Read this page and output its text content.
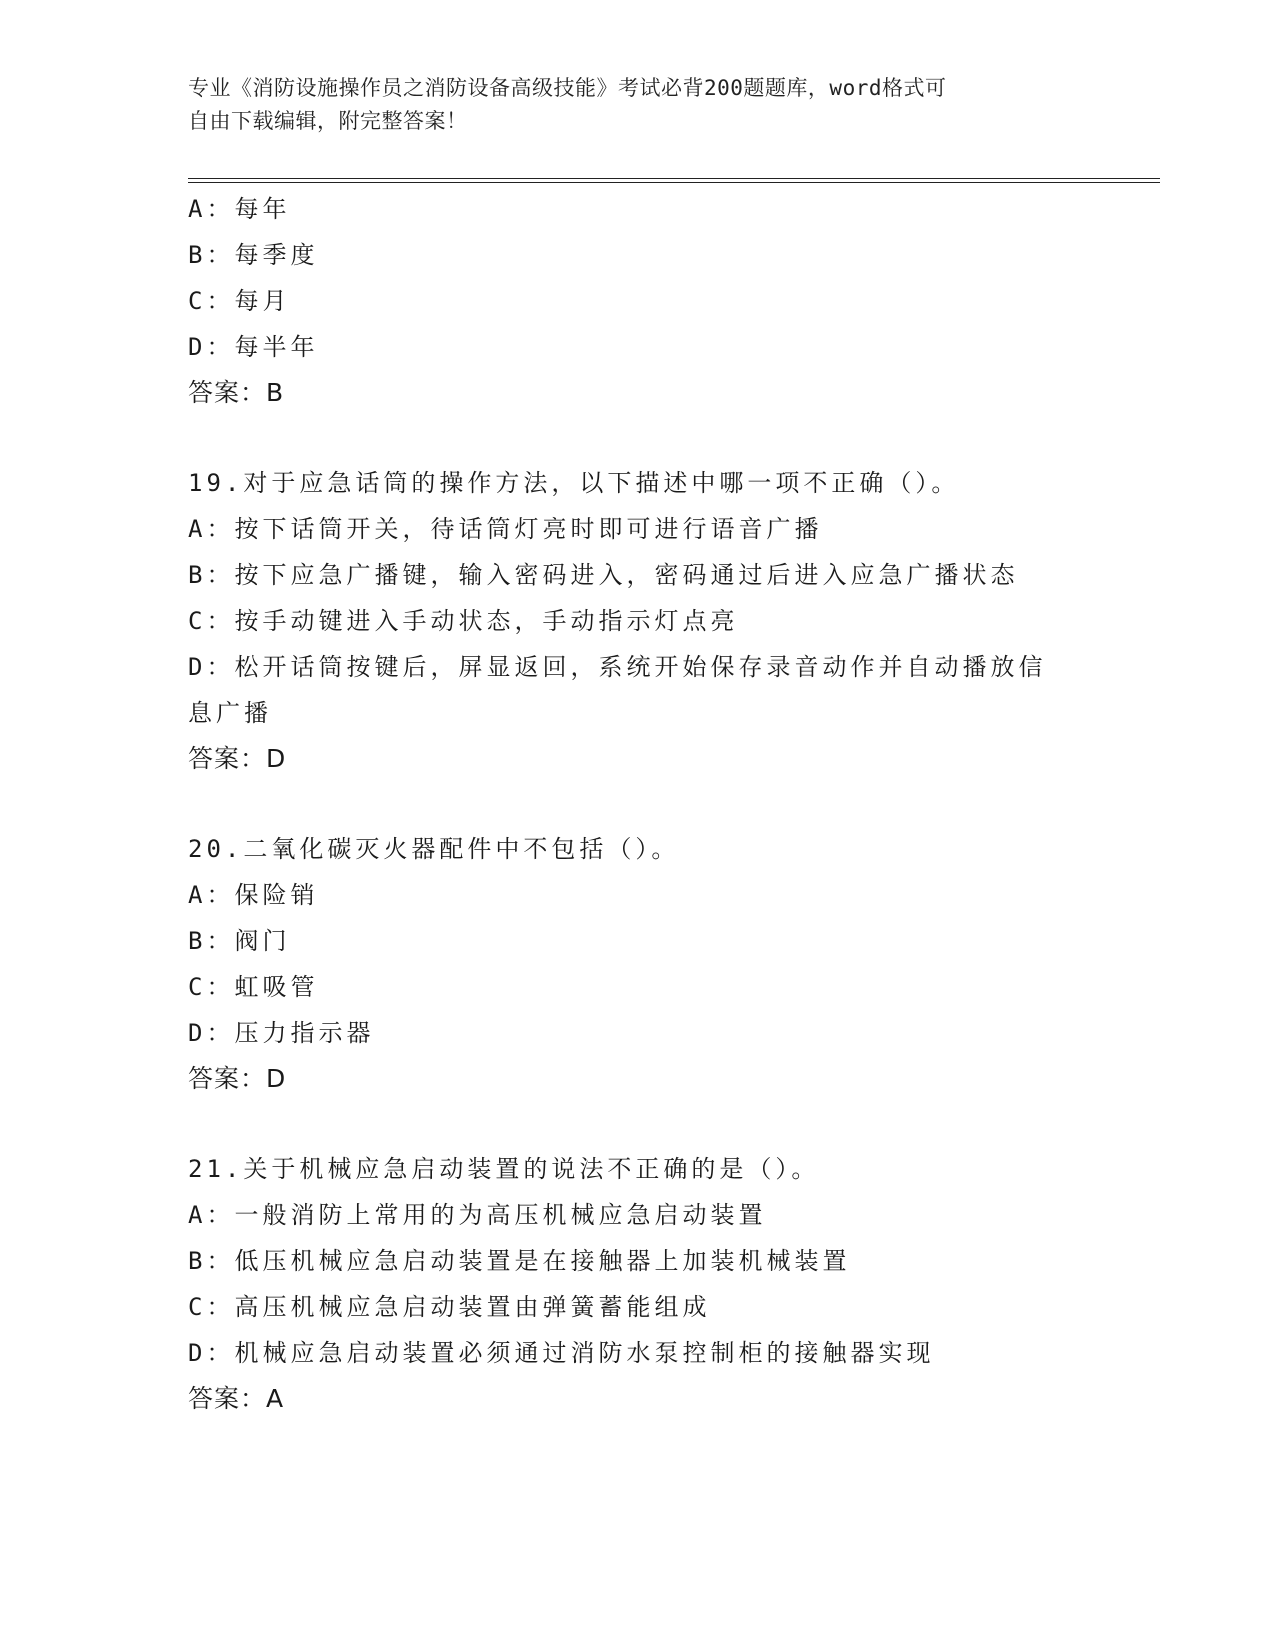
专业《消防设施操作员之消防设备高级技能》考试必背200题题库，word格式可
自由下载编辑，附完整答案！
A：每年
B：每季度
C：每月
D：每半年
答案：B
19.对于应急话筒的操作方法，以下描述中哪一项不正确（）。
A：按下话筒开关，待话筒灯亮时即可进行语音广播
B：按下应急广播键，输入密码进入，密码通过后进入应急广播状态
C：按手动键进入手动状态，手动指示灯点亮
D：松开话筒按键后，屏显返回，系统开始保存录音动作并自动播放信
息广播
答案：D
20.二氧化碳灭火器配件中不包括（）。
A：保险销
B：阀门
C：虹吸管
D：压力指示器
答案：D
21.关于机械应急启动装置的说法不正确的是（）。
A：一般消防上常用的为高压机械应急启动装置
B：低压机械应急启动装置是在接触器上加装机械装置
C：高压机械应急启动装置由弹簧蓄能组成
D：机械应急启动装置必须通过消防水泵控制柜的接触器实现
答案：A
